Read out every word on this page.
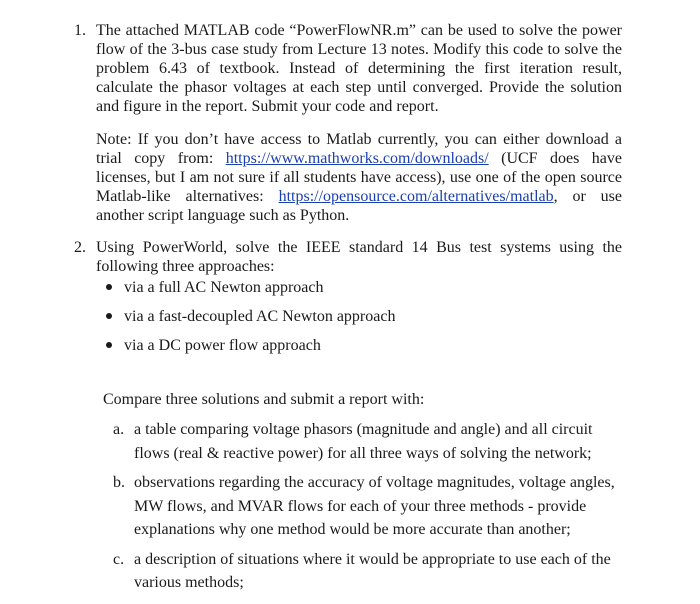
1. The attached MATLAB code “PowerFlowNR.m” can be used to solve the power flow of the 3-bus case study from Lecture 13 notes. Modify this code to solve the problem 6.43 of textbook. Instead of determining the first iteration result, calculate the phasor voltages at each step until converged. Provide the solution and figure in the report. Submit your code and report.

Note: If you don’t have access to Matlab currently, you can either download a trial copy from: https://www.mathworks.com/downloads/ (UCF does have licenses, but I am not sure if all students have access), use one of the open source Matlab-like alternatives: https://opensource.com/alternatives/matlab, or use another script language such as Python.

2. Using PowerWorld, solve the IEEE standard 14 Bus test systems using the following three approaches:

via a full AC Newton approach
via a fast-decoupled AC Newton approach
via a DC power flow approach
Compare three solutions and submit a report with:
a. a table comparing voltage phasors (magnitude and angle) and all circuit flows (real & reactive power) for all three ways of solving the network;
b. observations regarding the accuracy of voltage magnitudes, voltage angles, MW flows, and MVAR flows for each of your three methods - provide explanations why one method would be more accurate than another;
c. a description of situations where it would be appropriate to use each of the various methods;
